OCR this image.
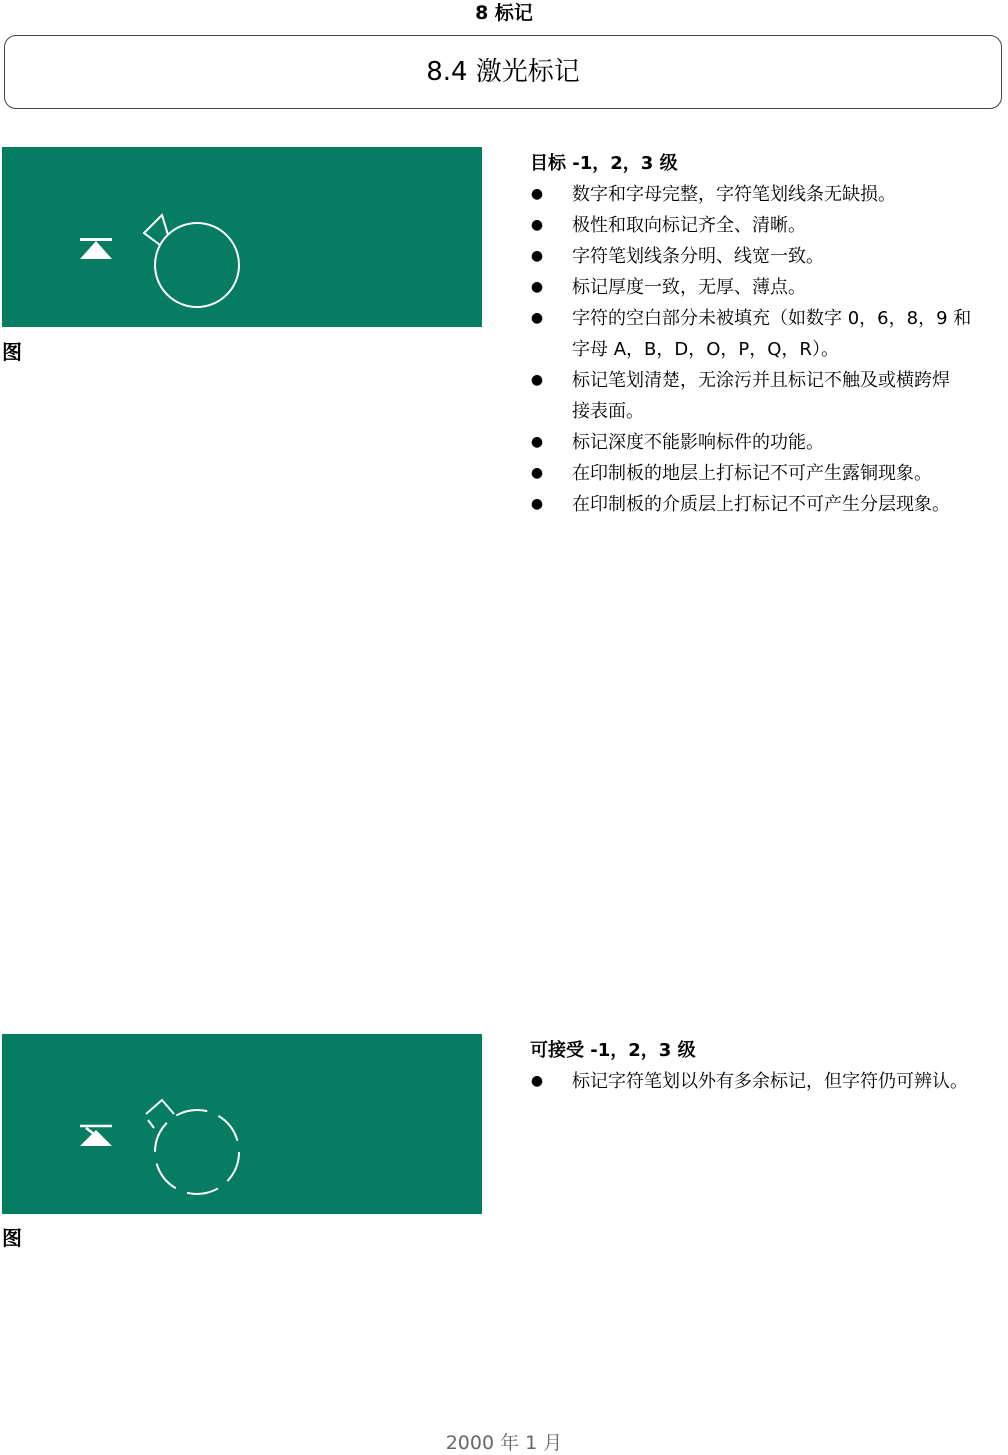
8 标记
8.4 激光标记
图
目标 -1，2，3 级
● 数字和字母完整，字符笔划线条无缺损。
● 极性和取向标记齐全、清晰。
● 字符笔划线条分明、线宽一致。
● 标记厚度一致，无厚、薄点。
● 字符的空白部分未被填充（如数字 0，6，8，9 和
字母 A，B，D，O，P，Q，R）。
● 标记笔划清楚，无涂污并且标记不触及或横跨焊
接表面。
● 标记深度不能影响标件的功能。
● 在印制板的地层上打标记不可产生露铜现象。
● 在印制板的介质层上打标记不可产生分层现象。
图
可接受 -1，2，3 级
● 标记字符笔划以外有多余标记，但字符仍可辨认。
2000 年 1 月
